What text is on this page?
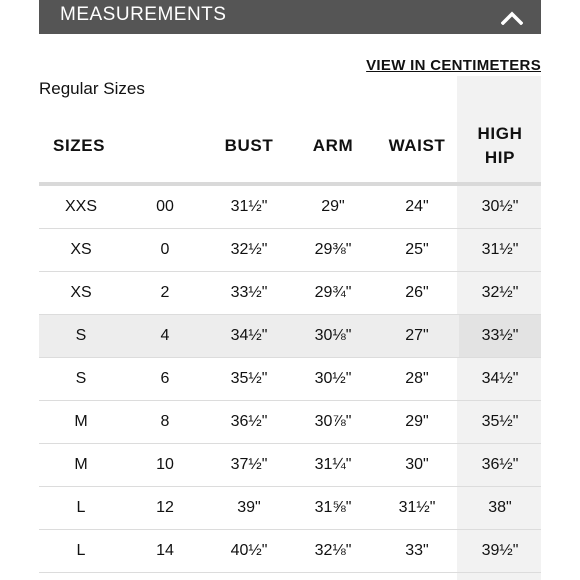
MEASUREMENTS
VIEW IN CENTIMETERS
Regular Sizes
SIZES		BUST	ARM	WAIST	HIGH
HIP
XXS	00	31½"	29"	24"	30½"
XS	0	32½"	29⅜"	25"	31½"
XS	2	33½"	29¾"	26"	32½"
S	4	34½"	30⅛"	27"	33½"
S	6	35½"	30½"	28"	34½"
M	8	36½"	30⅞"	29"	35½"
M	10	37½"	31¼"	30"	36½"
L	12	39"	31⅝"	31½"	38"
L	14	40½"	32⅛"	33"	39½"
